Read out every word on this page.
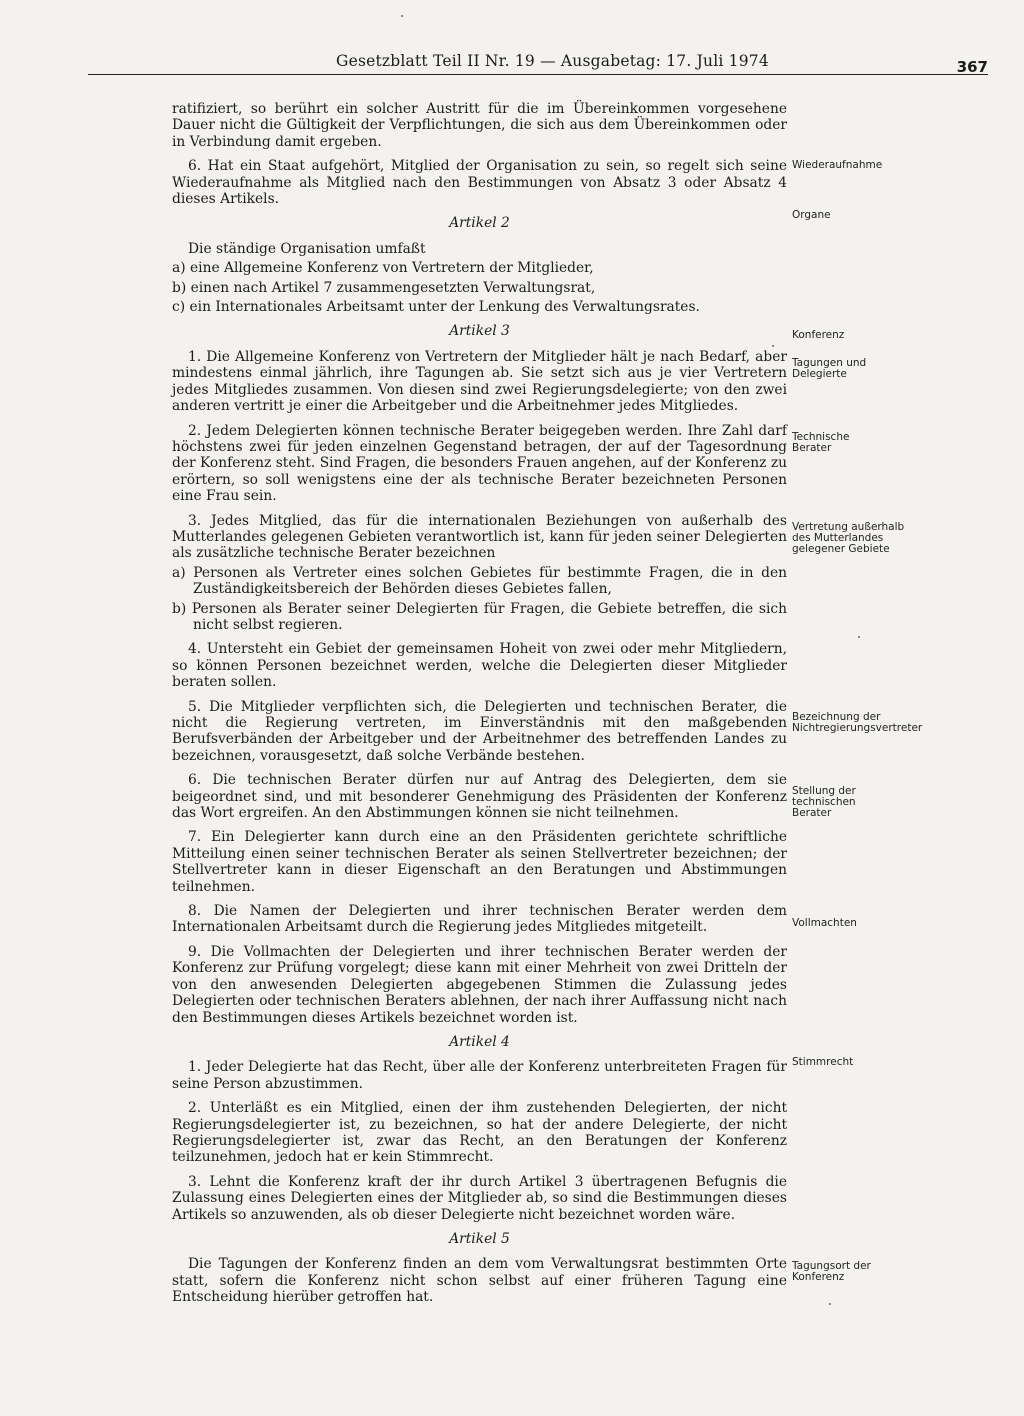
Gesetzblatt Teil II Nr. 19 — Ausgabetag: 17. Juli 1974	367

ratifiziert, so berührt ein solcher Austritt für die im Übereinkommen vorgesehene Dauer nicht die Gültigkeit der Verpflichtungen, die sich aus dem Übereinkommen oder in Verbindung damit ergeben.

6. Hat ein Staat aufgehört, Mitglied der Organisation zu sein, so regelt sich seine Wiederaufnahme als Mitglied nach den Bestimmungen von Absatz 3 oder Absatz 4 dieses Artikels.

Artikel 2

Die ständige Organisation umfaßt

a) eine Allgemeine Konferenz von Vertretern der Mitglieder,

b) einen nach Artikel 7 zusammengesetzten Verwaltungsrat,

c) ein Internationales Arbeitsamt unter der Lenkung des Verwaltungsrates.

Artikel 3

1. Die Allgemeine Konferenz von Vertretern der Mitglieder hält je nach Bedarf, aber mindestens einmal jährlich, ihre Tagungen ab. Sie setzt sich aus je vier Vertretern jedes Mitgliedes zusammen. Von diesen sind zwei Regierungsdelegierte; von den zwei anderen vertritt je einer die Arbeitgeber und die Arbeitnehmer jedes Mitgliedes.

2. Jedem Delegierten können technische Berater beigegeben werden. Ihre Zahl darf höchstens zwei für jeden einzelnen Gegenstand betragen, der auf der Tagesordnung der Konferenz steht. Sind Fragen, die besonders Frauen angehen, auf der Konferenz zu erörtern, so soll wenigstens eine der als technische Berater bezeichneten Personen eine Frau sein.

3. Jedes Mitglied, das für die internationalen Beziehungen von außerhalb des Mutterlandes gelegenen Gebieten verantwortlich ist, kann für jeden seiner Delegierten als zusätzliche technische Berater bezeichnen

a) Personen als Vertreter eines solchen Gebietes für bestimmte Fragen, die in den Zuständigkeitsbereich der Behörden dieses Gebietes fallen,

b) Personen als Berater seiner Delegierten für Fragen, die Gebiete betreffen, die sich nicht selbst regieren.

4. Untersteht ein Gebiet der gemeinsamen Hoheit von zwei oder mehr Mitgliedern, so können Personen bezeichnet werden, welche die Delegierten dieser Mitglieder beraten sollen.

5. Die Mitglieder verpflichten sich, die Delegierten und technischen Berater, die nicht die Regierung vertreten, im Einverständnis mit den maßgebenden Berufsverbänden der Arbeitgeber und der Arbeitnehmer des betreffenden Landes zu bezeichnen, vorausgesetzt, daß solche Verbände bestehen.

6. Die technischen Berater dürfen nur auf Antrag des Delegierten, dem sie beigeordnet sind, und mit besonderer Genehmigung des Präsidenten der Konferenz das Wort ergreifen. An den Abstimmungen können sie nicht teilnehmen.

7. Ein Delegierter kann durch eine an den Präsidenten gerichtete schriftliche Mitteilung einen seiner technischen Berater als seinen Stellvertreter bezeichnen; der Stellvertreter kann in dieser Eigenschaft an den Beratungen und Abstimmungen teilnehmen.

8. Die Namen der Delegierten und ihrer technischen Berater werden dem Internationalen Arbeitsamt durch die Regierung jedes Mitgliedes mitgeteilt.

9. Die Vollmachten der Delegierten und ihrer technischen Berater werden der Konferenz zur Prüfung vorgelegt; diese kann mit einer Mehrheit von zwei Dritteln der von den anwesenden Delegierten abgegebenen Stimmen die Zulassung jedes Delegierten oder technischen Beraters ablehnen, der nach ihrer Auffassung nicht nach den Bestimmungen dieses Artikels bezeichnet worden ist.

Artikel 4

1. Jeder Delegierte hat das Recht, über alle der Konferenz unterbreiteten Fragen für seine Person abzustimmen.

2. Unterläßt es ein Mitglied, einen der ihm zustehenden Delegierten, der nicht Regierungsdelegierter ist, zu bezeichnen, so hat der andere Delegierte, der nicht Regierungsdelegierter ist, zwar das Recht, an den Beratungen der Konferenz teilzunehmen, jedoch hat er kein Stimmrecht.

3. Lehnt die Konferenz kraft der ihr durch Artikel 3 übertragenen Befugnis die Zulassung eines Delegierten eines der Mitglieder ab, so sind die Bestimmungen dieses Artikels so anzuwenden, als ob dieser Delegierte nicht bezeichnet worden wäre.

Artikel 5

Die Tagungen der Konferenz finden an dem vom Verwaltungsrat bestimmten Orte statt, sofern die Konferenz nicht schon selbst auf einer früheren Tagung eine Entscheidung hierüber getroffen hat.

Wiederaufnahme
Organe
Konferenz
Tagungen und Delegierte
Technische Berater
Vertretung außerhalb des Mutterlandes gelegener Gebiete
Bezeichnung der Nichtregierungsvertreter
Stellung der technischen Berater
Vollmachten
Stimmrecht
Tagungsort der Konferenz
